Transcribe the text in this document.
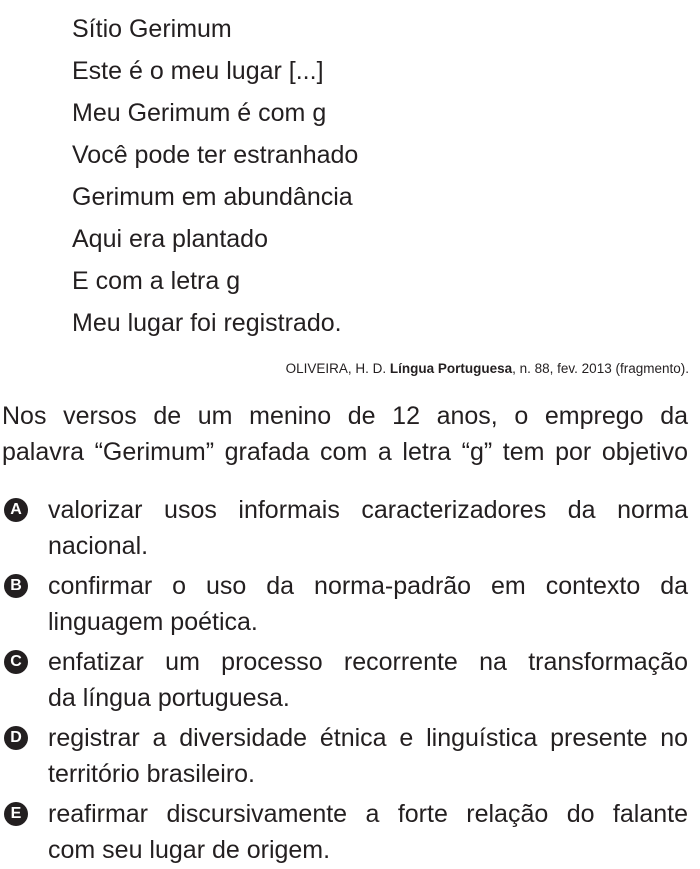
Sítio Gerimum
Este é o meu lugar [...]
Meu Gerimum é com g
Você pode ter estranhado
Gerimum em abundância
Aqui era plantado
E com a letra g
Meu lugar foi registrado.
OLIVEIRA, H. D. Língua Portuguesa, n. 88, fev. 2013 (fragmento).
Nos versos de um menino de 12 anos, o emprego da
palavra “Gerimum” grafada com a letra “g” tem por objetivo
A valorizar usos informais caracterizadores da norma
nacional.
B confirmar o uso da norma-padrão em contexto da
linguagem poética.
C enfatizar um processo recorrente na transformação
da língua portuguesa.
D registrar a diversidade étnica e linguística presente no
território brasileiro.
E reafirmar discursivamente a forte relação do falante
com seu lugar de origem.
